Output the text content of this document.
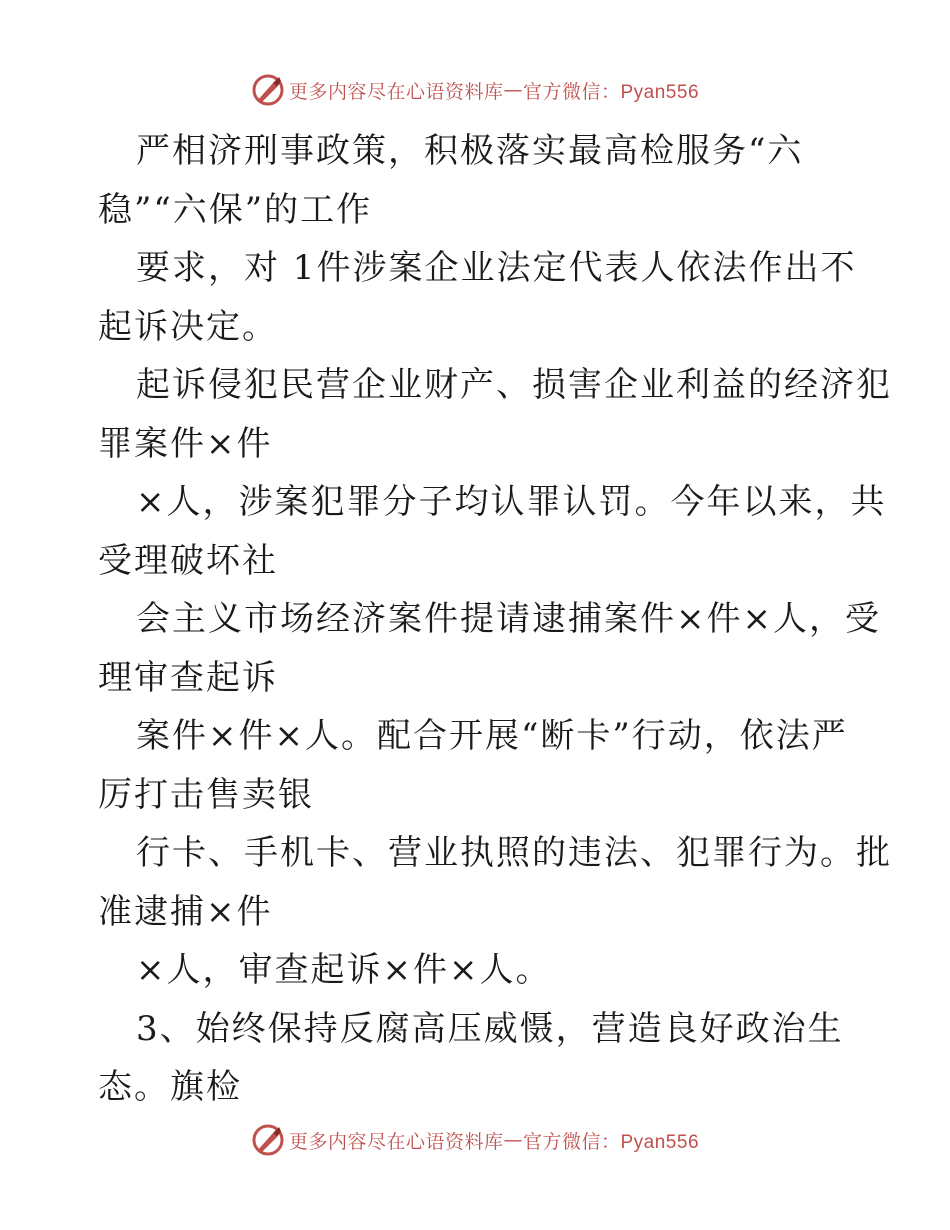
更多内容尽在心语资料库 — 官方微信：Pyan556
严相济刑事政策，积极落实最高检服务“六
稳”“六保”的工作
要求，对 1件涉案企业法定代表人依法作出不
起诉决定。
起诉侵犯民营企业财产、损害企业利益的经济犯
罪案件×件
×人，涉案犯罪分子均认罪认罚。今年以来，共
受理破坏社
会主义市场经济案件提请逮捕案件×件×人，受
理审查起诉
案件×件×人。配合开展“断卡”行动，依法严
厉打击售卖银
行卡、手机卡、营业执照的违法、犯罪行为。批
准逮捕×件
×人，审查起诉×件×人。
3、始终保持反腐高压威慑，营造良好政治生
态。旗检
更多内容尽在心语资料库 — 官方微信：Pyan556
